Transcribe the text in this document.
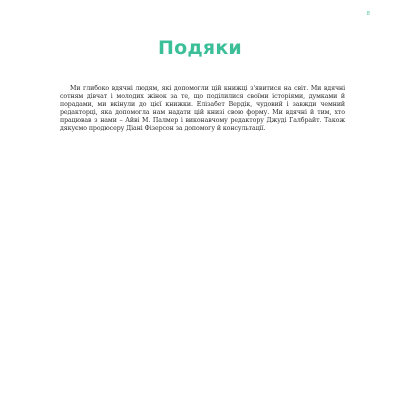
8
Подяки

Ми глибоко вдячні людям, які допомогли цій книжці з'явитися на світ. Ми вдячні сотням дівчат і молодих жінок за те, що поділилися своїми історіями, думками й порадами, ми вкінули до цієї книжки. Елізабет Вердік, чудовий і завжди чемний редакторці, яка допомогла нам надати цій книзі свою форму. Ми вдячні й тим, хто працював з нами – Айві М. Палмер і виконавчому редактору Джуді Галбрайт. Також дякуємо продюсеру Діані Фізерсон за допомогу й консультації.
